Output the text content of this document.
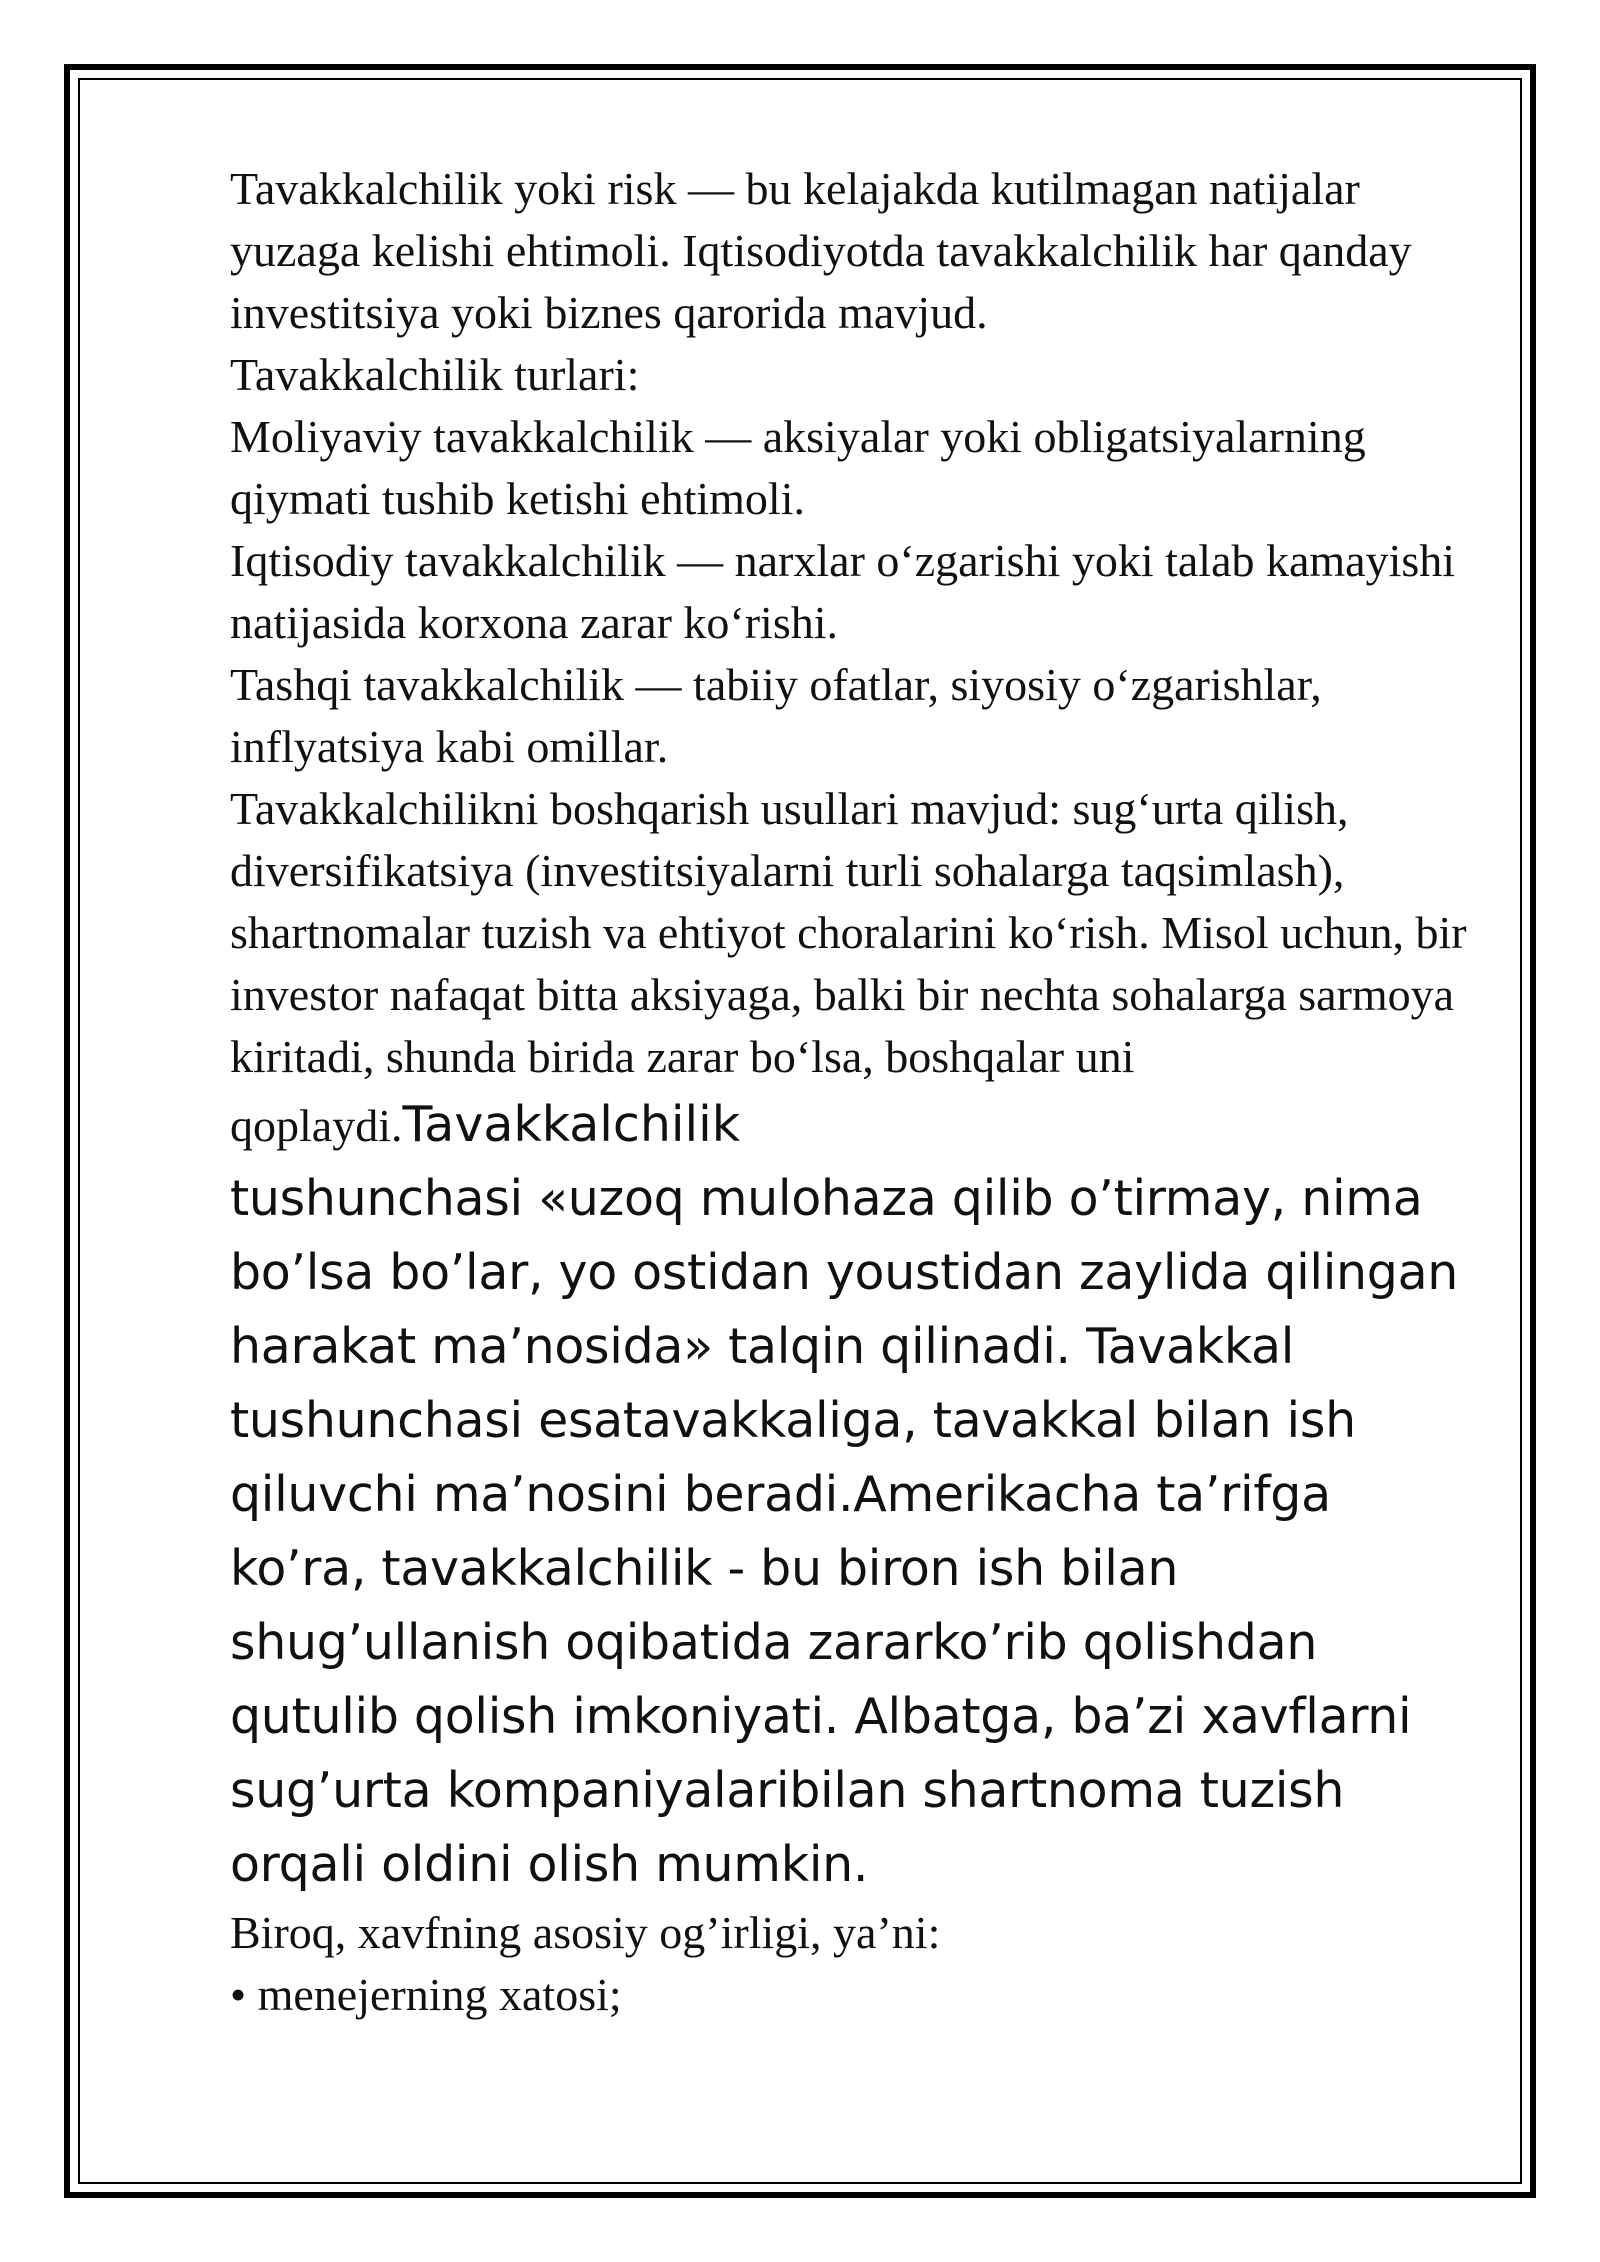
Tavakkalchilik yoki risk — bu kelajakda kutilmagan natijalar yuzaga kelishi ehtimoli. Iqtisodiyotda tavakkalchilik har qanday investitsiya yoki biznes qarorida mavjud.

Tavakkalchilik turlari:

Moliyaviy tavakkalchilik — aksiyalar yoki obligatsiyalarning qiymati tushib ketishi ehtimoli.

Iqtisodiy tavakkalchilik — narxlar oʻzgarishi yoki talab kamayishi natijasida korxona zarar koʻrishi.

Tashqi tavakkalchilik — tabiiy ofatlar, siyosiy oʻzgarishlar, inflyatsiya kabi omillar.

Tavakkalchilikni boshqarish usullari mavjud: sugʻurta qilish, diversifikatsiya (investitsiyalarni turli sohalarga taqsimlash), shartnomalar tuzish va ehtiyot choralarini koʻrish. Misol uchun, bir investor nafaqat bitta aksiyaga, balki bir nechta sohalarga sarmoya kiritadi, shunda birida zarar boʻlsa, boshqalar uni qoplaydi.Tavakkalchilik

tushunchasi «uzoq mulohaza qilib o’tirmay, nima bo’lsa bo’lar, yo ostidan youstidan zaylida qilingan harakat ma’nosida» talqin qilinadi. Tavakkal tushunchasi esatavakkaliga, tavakkal bilan ish qiluvchi ma’nosini beradi.Amerikacha ta’rifga ko’ra, tavakkalchilik - bu biron ish bilan shug’ullanish oqibatida zararko’rib qolishdan qutulib qolish imkoniyati. Albatga, ba’zi xavflarni sug’urta kompaniyalaribilan shartnoma tuzish orqali oldini olish mumkin.

Biroq, xavfning asosiy og’irligi, ya’ni:

• menejerning xatosi;
